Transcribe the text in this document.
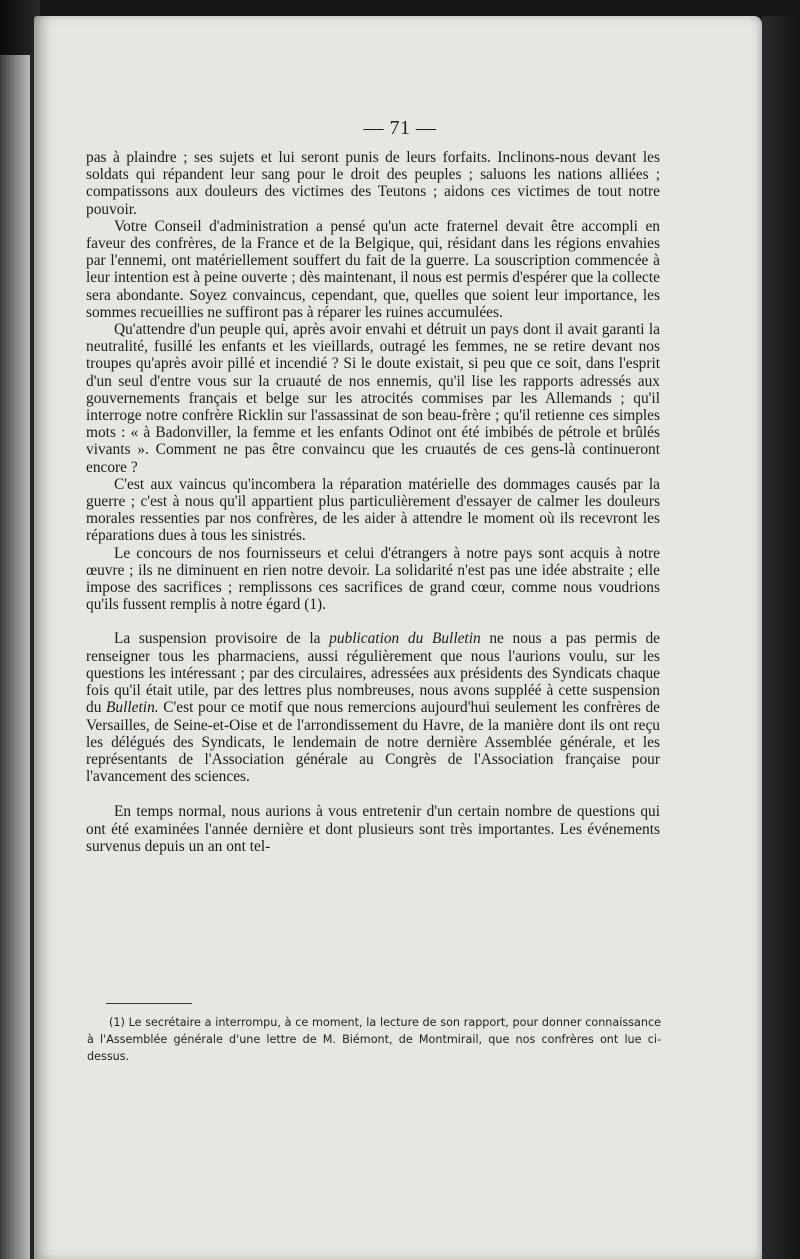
— 71 —

pas à plaindre ; ses sujets et lui seront punis de leurs forfaits. Inclinons-nous devant les soldats qui répandent leur sang pour le droit des peuples ; saluons les nations alliées ; compatissons aux douleurs des victimes des Teutons ; aidons ces victimes de tout notre pouvoir.

Votre Conseil d'administration a pensé qu'un acte fraternel devait être accompli en faveur des confrères, de la France et de la Belgique, qui, résidant dans les régions envahies par l'ennemi, ont matériellement souffert du fait de la guerre. La souscription commencée à leur intention est à peine ouverte ; dès maintenant, il nous est permis d'espérer que la collecte sera abondante. Soyez convaincus, cependant, que, quelles que soient leur importance, les sommes recueillies ne suffiront pas à réparer les ruines accumulées.

Qu'attendre d'un peuple qui, après avoir envahi et détruit un pays dont il avait garanti la neutralité, fusillé les enfants et les vieillards, outragé les femmes, ne se retire devant nos troupes qu'après avoir pillé et incendié ? Si le doute existait, si peu que ce soit, dans l'esprit d'un seul d'entre vous sur la cruauté de nos ennemis, qu'il lise les rapports adressés aux gouvernements français et belge sur les atrocités commises par les Allemands ; qu'il interroge notre confrère Ricklin sur l'assassinat de son beau-frère ; qu'il retienne ces simples mots : « à Badonviller, la femme et les enfants Odinot ont été imbibés de pétrole et brûlés vivants ». Comment ne pas être convaincu que les cruautés de ces gens-là continueront encore ?

C'est aux vaincus qu'incombera la réparation matérielle des dommages causés par la guerre ; c'est à nous qu'il appartient plus particulièrement d'essayer de calmer les douleurs morales ressenties par nos confrères, de les aider à attendre le moment où ils recevront les réparations dues à tous les sinistrés.

Le concours de nos fournisseurs et celui d'étrangers à notre pays sont acquis à notre œuvre ; ils ne diminuent en rien notre devoir. La solidarité n'est pas une idée abstraite ; elle impose des sacrifices ; remplissons ces sacrifices de grand cœur, comme nous voudrions qu'ils fussent remplis à notre égard (1).

La suspension provisoire de la publication du Bulletin ne nous a pas permis de renseigner tous les pharmaciens, aussi régulièrement que nous l'aurions voulu, sur les questions les intéressant ; par des circulaires, adressées aux présidents des Syndicats chaque fois qu'il était utile, par des lettres plus nombreuses, nous avons suppléé à cette suspension du Bulletin. C'est pour ce motif que nous remercions aujourd'hui seulement les confrères de Versailles, de Seine-et-Oise et de l'arrondissement du Havre, de la manière dont ils ont reçu les délégués des Syndicats, le lendemain de notre dernière Assemblée générale, et les représentants de l'Association générale au Congrès de l'Association française pour l'avancement des sciences.

En temps normal, nous aurions à vous entretenir d'un certain nombre de questions qui ont été examinées l'année dernière et dont plusieurs sont très importantes. Les événements survenus depuis un an ont tel-

(1) Le secrétaire a interrompu, à ce moment, la lecture de son rapport, pour donner connaissance à l'Assemblée générale d'une lettre de M. Biémont, de Montmirail, que nos confrères ont lue ci-dessus.
